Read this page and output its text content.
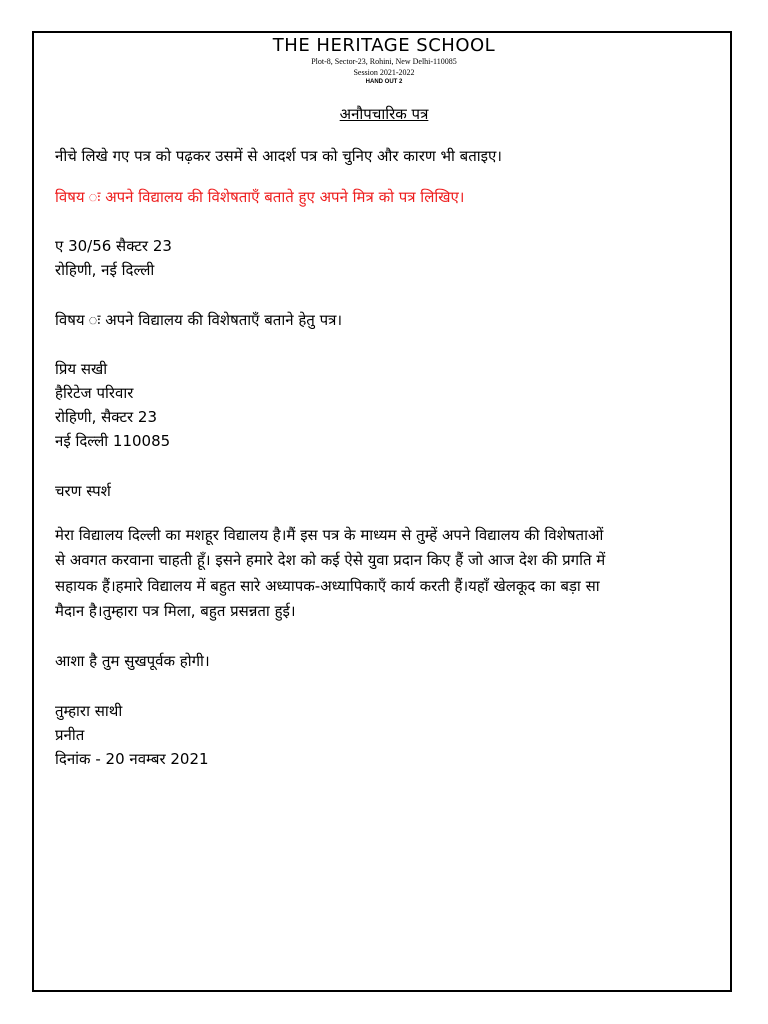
THE HERITAGE SCHOOL
Plot-8, Sector-23, Rohini, New Delhi-110085
Session 2021-2022
HAND OUT 2
अनौपचारिक पत्र
नीचे लिखे गए पत्र को पढ़कर उसमें से आदर्श पत्र को चुनिए और कारण भी बताइए।
विषय ः अपने विद्यालय की विशेषताएँ बताते हुए अपने मित्र को पत्र लिखिए।
ए 30/56 सैक्टर 23
रोहिणी, नई दिल्ली
विषय ः अपने विद्यालय की विशेषताएँ बताने हेतु पत्र।
प्रिय सखी
हैरिटेज परिवार
रोहिणी, सैक्टर 23
नई दिल्ली 110085
चरण स्पर्श
मेरा विद्यालय दिल्ली का मशहूर विद्यालय है।मैं इस पत्र के माध्यम से तुम्हें अपने विद्यालय की विशेषताओं
से अवगत करवाना चाहती हूँ। इसने हमारे देश को कई ऐसे युवा प्रदान किए हैं जो आज देश की प्रगति में
सहायक हैं।हमारे विद्यालय में बहुत सारे अध्यापक-अध्यापिकाएँ कार्य करती हैं।यहाँ खेलकूद का बड़ा सा
मैदान है।तुम्हारा पत्र मिला, बहुत प्रसन्नता हुई।
आशा है तुम सुखपूर्वक होगी।
तुम्हारा साथी
प्रनीत
दिनांक - 20 नवम्बर 2021
